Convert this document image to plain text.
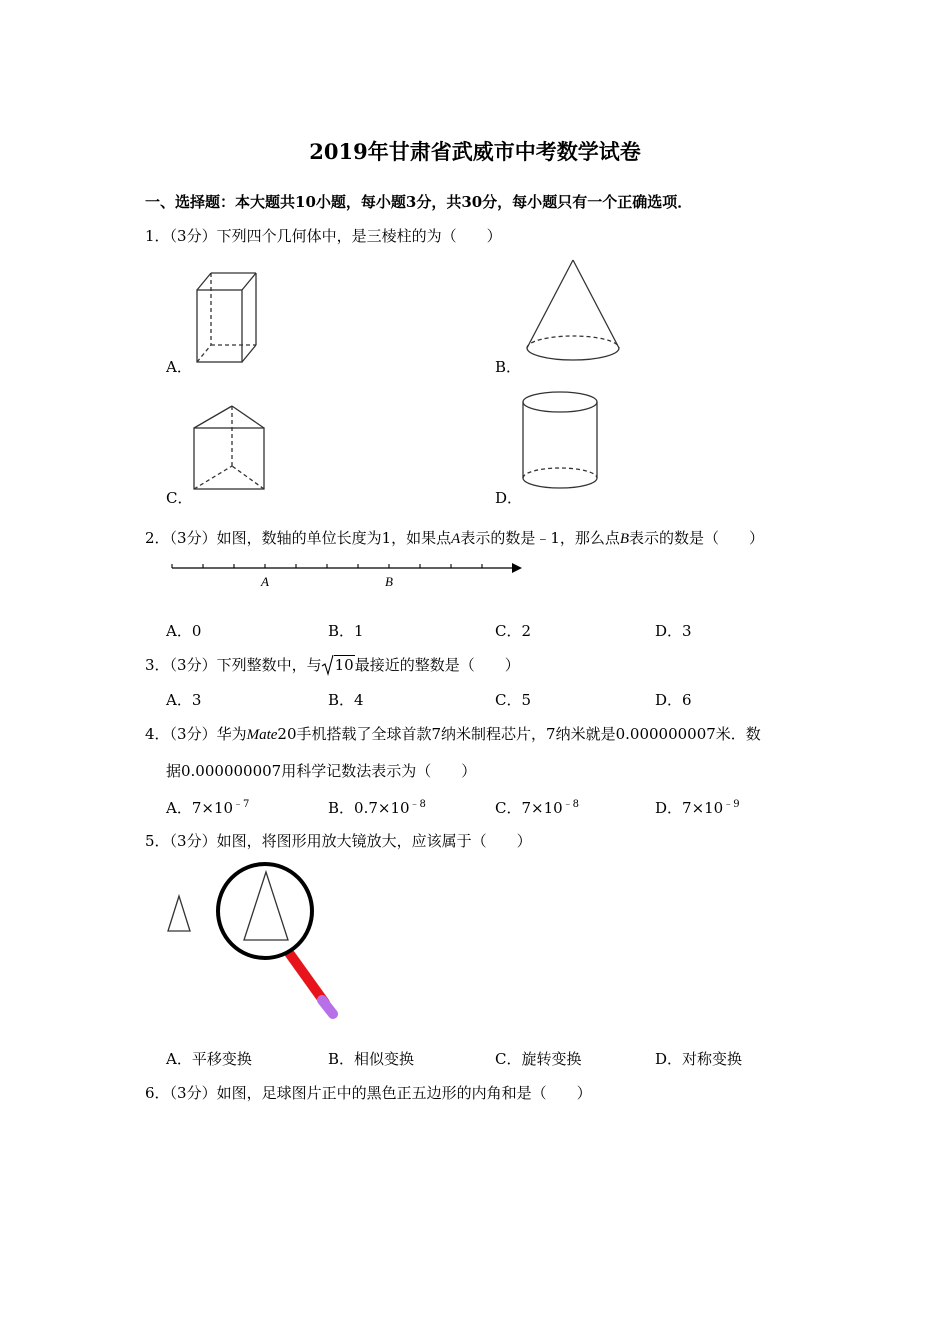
2019年甘肃省武威市中考数学试卷
一、选择题：本大题共10小题，每小题3分，共30分，每小题只有一个正确选项．
1．（3分）下列四个几何体中，是三棱柱的为（　　）
A．	B．
C．	D．
2．（3分）如图，数轴的单位长度为1，如果点A表示的数是﹣1，那么点B表示的数是（　　）
A	B
A．0	B．1	C．2	D．3
3．（3分）下列整数中，与 10最接近的整数是（　　）
A．3	B．4	C．5	D．6
4．（3分）华为Mate20手机搭载了全球首款7纳米制程芯片，7纳米就是0.000000007米．数
据0.000000007用科学记数法表示为（　　）
A．$7\times 10^{﹣7}$	B．$0.7\times 10^{﹣8}$	C．$7\times 10^{﹣8}$	D．$7\times 10^{﹣9}$
5．（3分）如图，将图形用放大镜放大，应该属于（　　）
A．平移变换	B．相似变换	C．旋转变换	D．对称变换
6．（3分）如图，足球图片正中的黑色正五边形的内角和是（　　）
